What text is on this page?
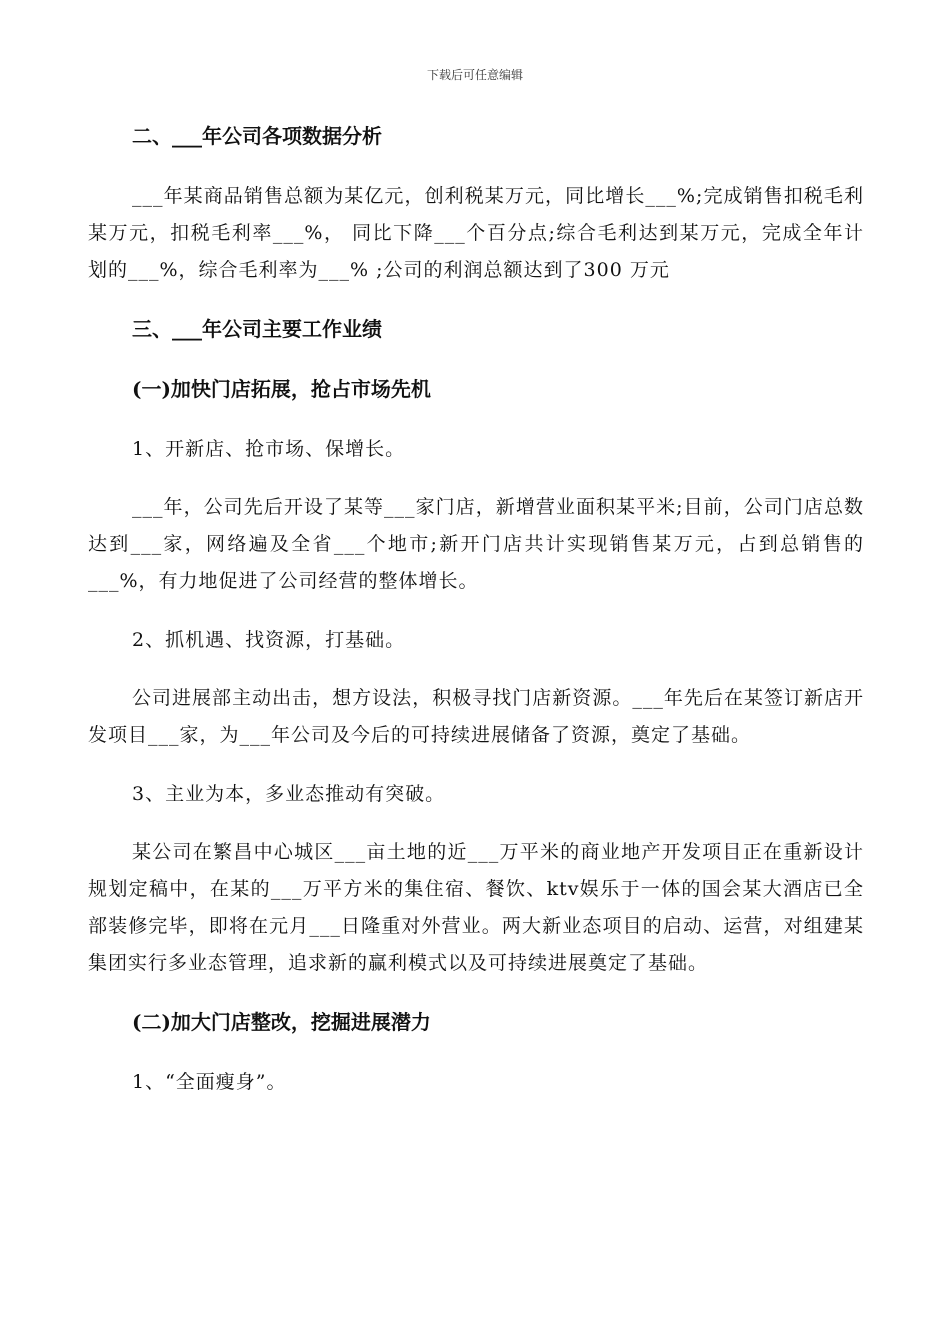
下载后可任意编辑
二、___年公司各项数据分析
___年某商品销售总额为某亿元，创利税某万元，同比增长___%;完成销售扣税毛利某万元，扣税毛利率___%， 同比下降___个百分点;综合毛利达到某万元，完成全年计划的___%，综合毛利率为___% ;公司的利润总额达到了300 万元
三、___年公司主要工作业绩
(一)加快门店拓展，抢占市场先机
1、开新店、抢市场、保增长。
___年，公司先后开设了某等___家门店，新增营业面积某平米;目前，公司门店总数达到___家，网络遍及全省___个地市;新开门店共计实现销售某万元，占到总销售的___%，有力地促进了公司经营的整体增长。
2、抓机遇、找资源，打基础。
公司进展部主动出击，想方设法，积极寻找门店新资源。___年先后在某签订新店开发项目___家，为___年公司及今后的可持续进展储备了资源，奠定了基础。
3、主业为本，多业态推动有突破。
某公司在繁昌中心城区___亩土地的近___万平米的商业地产开发项目正在重新设计规划定稿中，在某的___万平方米的集住宿、餐饮、ktv娱乐于一体的国会某大酒店已全部装修完毕，即将在元月___日隆重对外营业。两大新业态项目的启动、运营，对组建某集团实行多业态管理，追求新的赢利模式以及可持续进展奠定了基础。
(二)加大门店整改，挖掘进展潜力
1、“全面瘦身”。
